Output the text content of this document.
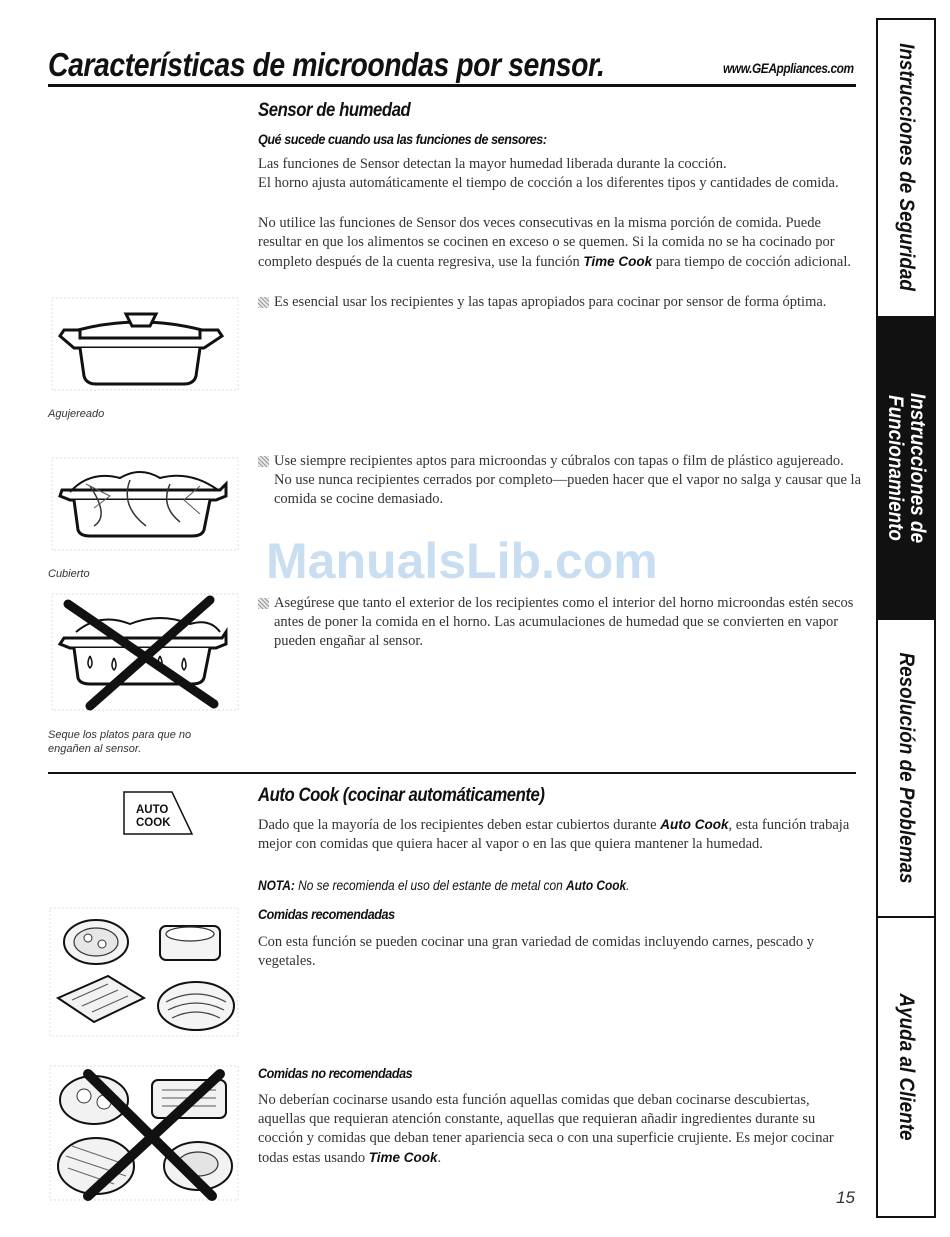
Características de microondas por sensor.	www.GEAppliances.com
Sensor de humedad
Qué sucede cuando usa las funciones de sensores:

Las funciones de Sensor detectan la mayor humedad liberada durante la cocción.
El horno ajusta automáticamente el tiempo de cocción a los diferentes tipos y cantidades de comida.

No utilice las funciones de Sensor dos veces consecutivas en la misma porción de comida. Puede resultar en que los alimentos se cocinen en exceso o se quemen. Si la comida no se ha cocinado por completo después de la cuenta regresiva, use la función Time Cook para tiempo de cocción adicional.

Es esencial usar los recipientes y las tapas apropiados para cocinar por sensor de forma óptima.

Use siempre recipientes aptos para microondas y cúbralos con tapas o film de plástico agujereado. No use nunca recipientes cerrados por completo—pueden hacer que el vapor no salga y causar que la comida se cocine demasiado.

Asegúrese que tanto el exterior de los recipientes como el interior del horno microondas estén secos antes de poner la comida en el horno. Las acumulaciones de humedad que se convierten en vapor pueden engañar al sensor.

Agujereado

Cubierto

Seque los platos para que no
engañen al sensor.

ManualsLib.com
AUTO
COOK
Auto Cook (cocinar automáticamente)

Dado que la mayoría de los recipientes deben estar cubiertos durante Auto Cook, esta función trabaja mejor con comidas que quiera hacer al vapor o en las que quiera mantener la humedad.

NOTA: No se recomienda el uso del estante de metal con Auto Cook.

Comidas recomendadas

Con esta función se pueden cocinar una gran variedad de comidas incluyendo carnes, pescado y vegetales.

Comidas no recomendadas

No deberían cocinarse usando esta función aquellas comidas que deban cocinarse descubiertas, aquellas que requieran atención constante, aquellas que requieran añadir ingredientes durante su cocción y comidas que deban tener apariencia seca o con una superficie crujiente. Es mejor cocinar todas estas usando Time Cook.

15
Instrucciones de Seguridad
Instrucciones de
Funcionamiento
Resolución de Problemas
Ayuda al Cliente
